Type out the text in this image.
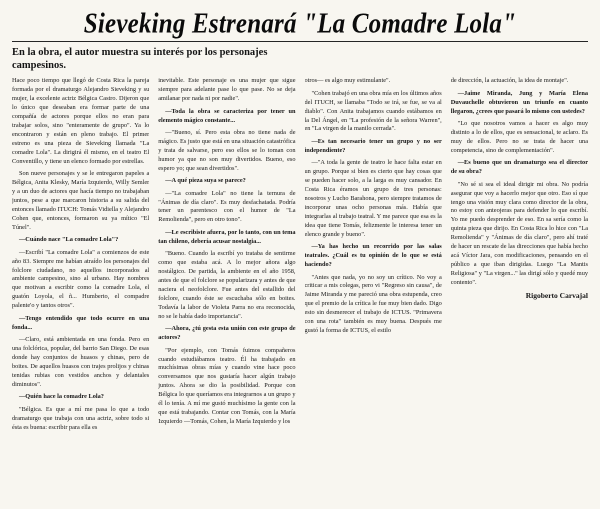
Sieveking Estrenará "La Comadre Lola"
En la obra, el autor muestra su interés por los personajes campesinos.

Hace poco tiempo que llegó de Costa Rica la pareja formada por el dramaturgo Alejandro Sieveking y su mujer, la excelente actriz Bélgica Castro. Dijeron que lo único que deseaban era formar parte de una compañía de actores porque ellos no eran para trabajar solos, sino "enteramente de grupo". Ya lo encontraron y están en pleno trabajo. El primer estreno es una pieza de Sieveking llamada "La comadre Lola". La dirigirá él mismo, en el teatro El Conventillo, y tiene un elenco formado por estrellas.

Son nueve personajes y se le entregaron papeles a Bélgica, Anita Klesky, María Izquierdo, Willy Semler y a un duo de actores que hacía tiempo no trabajaban juntos, pese a que marcaron historia a su salida del entonces llamado ITUCH: Tomás Vidiella y Alejandro Cohen que, entonces, formaron su ya mítico "El Túnel".

—Cuándo nace "La comadre Lola"?

—Escribí "La comadre Lola" a comienzos de este año 83. Siempre me habían atraído los personajes del folclore ciudadano, no aquellos incorporados al ambiente campesino, sino al urbano. Hay nombres que motivan a escribir como la comadre Lola, el guatón Loyola, el ñ... Humberto, el compadre palente'o y tantos otros".

—Tengo entendido que todo ocurre en una fonda...

—Claro, está ambientada en una fonda. Pero en una folclórica, popular, del barrio San Diego. De esas donde hay conjuntos de huasos y chinas, pero de boites. De aquellos huasos con trajes prolijos y chinas tenidas rubias con vestidos anchos y delantales diminutos".

—Quién hace la comadre Lola?

"Bélgica. Es que a mí me pasa lo que a todo dramaturgo que trabaja con una actriz, sobre todo si ésta es buena: escribir para ella es

inevitable. Este personaje es una mujer que sigue siempre para adelante pase lo que pase. No se deja amilanar por nada ni por nadie".

—Toda la obra se caracteriza por tener un elemento mágico constante...

—"Bueno, sí. Pero esta obra no tiene nada de mágico. Es justo que está en una situación catastrófica y trata de salvarse, pero eso ellos se lo toman con humor ya que no son muy divertidos. Bueno, eso espero yo; que sean divertidos".

—A qué pieza suya se parece?

—"La comadre Lola" no tiene la ternura de "Ánimas de día claro". Es muy desfachatada. Podría tener un parentesco con el humor de "La Remolienda", pero en otro tono".

—Le escribiste afuera, por lo tanto, con un tema tan chileno, debería acusar nostalgia...

"Bueno. Cuando la escribí yo trataba de sentirme como que estaba acá. A lo mejor añora algo nostálgico. De partida, la ambiente en el año 1958, antes de que el folclore se popularizara y antes de que naciera el neofolclore. Fue antes del estallido del folclore, cuando éste se escuchaba sólo en boites. Todavía la labor de Violeta Parra no era reconocida, no se le había dado importancia".

—Ahora, ¿tú gesta esta unión con este grupo de actores?

"Por ejemplo, con Tomás fuimos compañeros cuando estudiábamos teatro. Él ha trabajado en muchísimas obras mías y cuando vine hace poco conversamos que nos gustaría hacer algún trabajo juntos. Ahora se dio la posibilidad. Porque con Bélgica lo que queríamos era integrarnos a un grupo y él lo tenía. A mí me gustó muchísimo la gente con la que está trabajando. Contar con Tomás, con la María Izquierdo —Tomás, Cohen, la María Izquierdo y los

otros— es algo muy estimulante".

"Cohen trabajó en una obra mía en los últimos años del ITUCH, se llamaba "Todo se irá, se fue, se va al diablo". Con Anita trabajamos cuando estábamos en la Del Ángel, en "La profesión de la señora Warren", en "La virgen de la manilo cerrada".

—Es tan necesario tener un grupo y no ser independiente?

—"A toda la gente de teatro le hace falta estar en un grupo. Porque si bien es cierto que hay cosas que se pueden hacer solo, a la larga es muy cansador. En Costa Rica éramos un grupo de tres personas: nosotros y Lucho Barahona, pero siempre tratamos de incorporar unas ocho personas más. Había que integrarlas al trabajo teatral. Y me parece que esa es la idea que tiene Tomás, felizmente le interesa tener un elenco grande y bueno".

—Ya has hecho un recorrido por las salas teatrales. ¿Cuál es tu opinión de lo que se está haciendo?

"Antes que nada, yo no soy un crítico. No voy a criticar a mis colegas, pero vi "Regreso sin causa", de Jaime Miranda y me pareció una obra estupenda, creo que el premio de la crítica le fue muy bien dado. Digo esto sin desmerecer el trabajo de ICTUS. "Primavera con una rota" también es muy buena. Después me gustó la forma de ICTUS, el estilo

de dirección, la actuación, la idea de montaje".

—Jaime Miranda, Jung y María Elena Duvauchelle obtuvieron un triunfo en cuanto llegaron, ¿crees que pasará lo mismo con ustedes?

"Lo que nosotros vamos a hacer es algo muy distinto a lo de ellos, que es sensacional, te aclaro. Es muy de ellos. Pero no se trata de hacer una competencia, sino de complementación".

—Es bueno que un dramaturgo sea el director de su obra?

"No sé si sea el ideal dirigir mi obra. No podría asegurar que voy a hacerlo mejor que otro. Eso sí que tengo una visión muy clara como director de la obra, no estoy con anteojeras para defender lo que escribí. Yo me puedo desprender de eso. En sa sería como la quinta pieza que dirijo. En Costa Rica lo hice con "La Remolienda" y "Ánimas de día claro", pero ahí traté de hacer un rescate de las direcciones que había hecho acá Víctor Jara, con modificaciones, pensando en el público a que iban dirigidas. Luego "La Mantis Religiosa" y "La virgen..." las dirigí sólo y quedé muy contento".

Rigoberto Carvajal
